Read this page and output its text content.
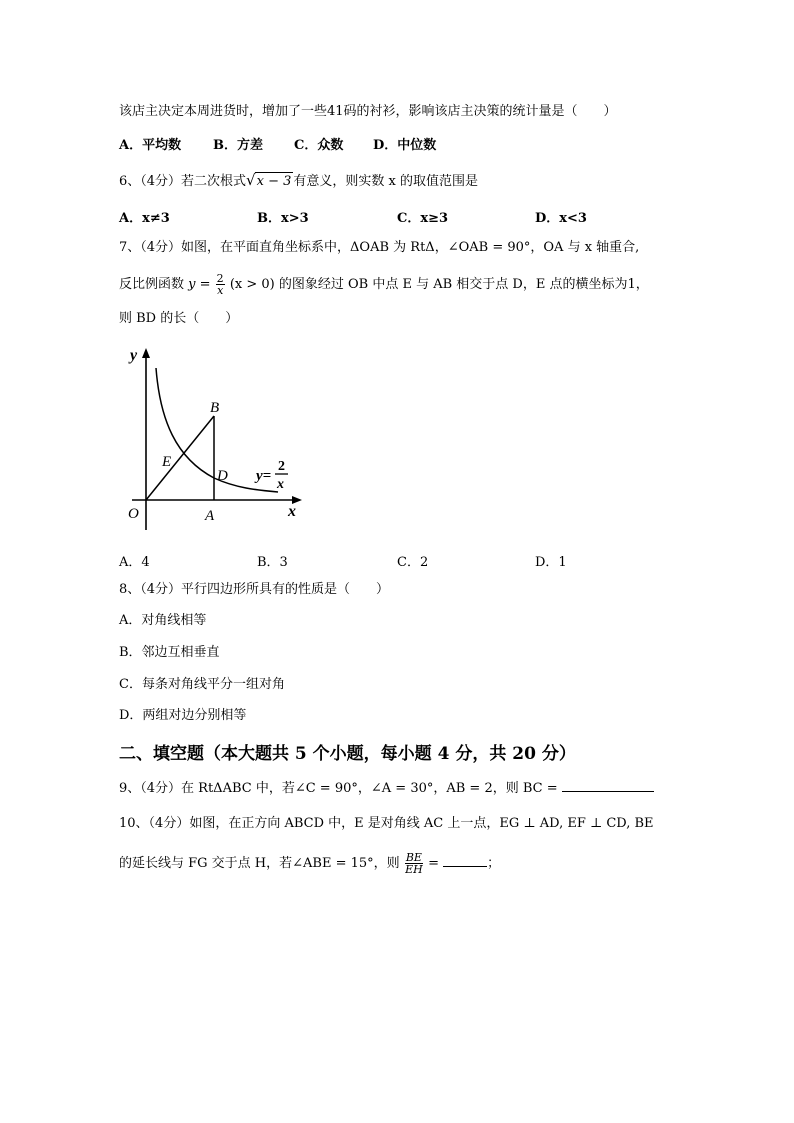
该店主决定本周进货时，增加了一些41码的衬衫，影响该店主决策的统计量是（　　）
A．平均数 B．方差 C．众数 D．中位数
6、（4分）若二次根式√x − 3 有意义，则实数 x 的取值范围是
A．x≠3	B．x>3	C．x≥3	D．x<3
7、（4分）如图，在平面直角坐标系中，ΔOAB 为 RtΔ，∠OAB = 90°，OA 与 x 轴重合,
反比例函数 $y = \frac{2}{x} (x > 0)$ 的图象经过 OB 中点 E 与 AB 相交于点 D，E 点的横坐标为1，
则 BD 的长（　　）
y
x
O	A
B
D
E
y=
2
x
A．4	B．3	C．2	D．1
8、（4分）平行四边形所具有的性质是（　　）
A．对角线相等
B．邻边互相垂直
C．每条对角线平分一组对角
D．两组对边分别相等
二、填空题（本大题共 5 个小题，每小题 4 分，共 20 分）
9、（4分）在 RtΔABC 中，若∠C = 90°，∠A = 30°，AB = 2，则 BC =
10、（4分）如图，在正方向 ABCD 中，E 是对角线 AC 上一点，EG ⊥ AD, EF ⊥ CD, BE
的延长线与 FG 交于点 H，若∠ABE = 15°，则 $\frac{BE}{EH}$ =	；
